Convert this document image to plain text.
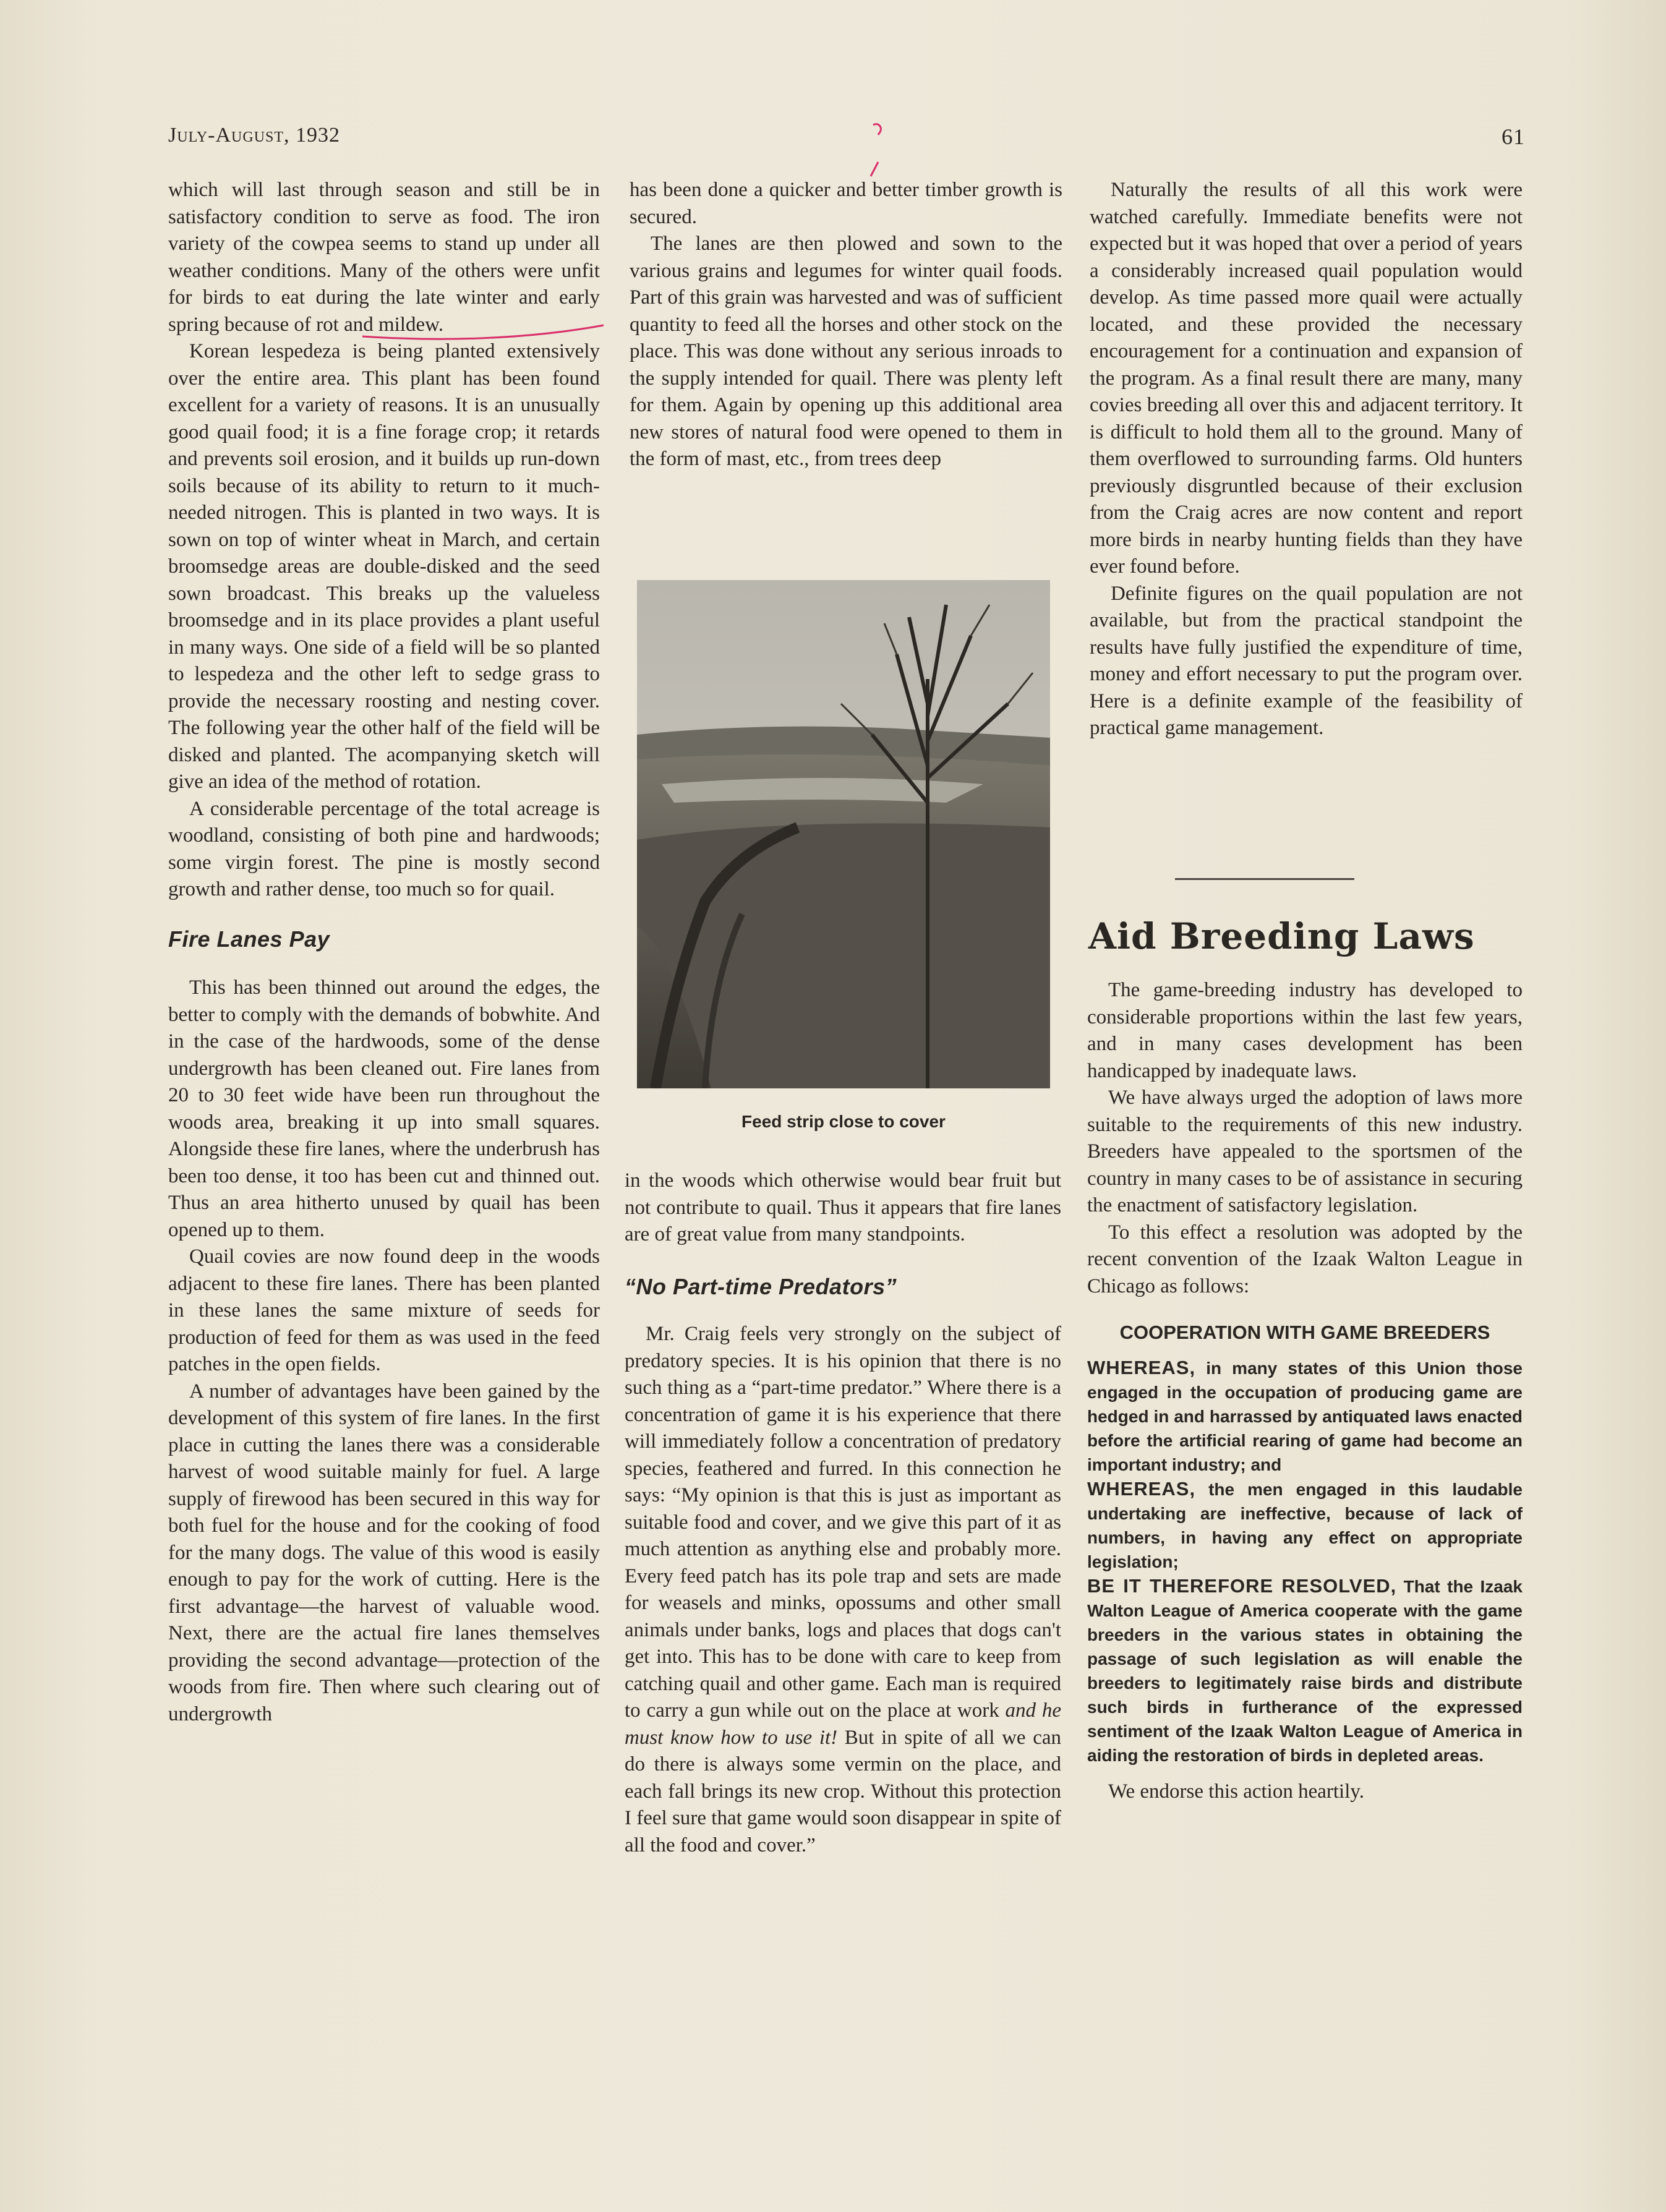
July-August, 1932	61

which will last through season and still be in satisfactory condition to serve as food. The iron variety of the cowpea seems to stand up under all weather conditions. Many of the others were unfit for birds to eat during the late winter and early spring because of rot and mildew.

Korean lespedeza is being planted extensively over the entire area. This plant has been found excellent for a variety of reasons. It is an unusually good quail food; it is a fine forage crop; it retards and prevents soil erosion, and it builds up run-down soils because of its ability to return to it much-needed nitrogen. This is planted in two ways. It is sown on top of winter wheat in March, and certain broomsedge areas are double-disked and the seed sown broadcast. This breaks up the valueless broomsedge and in its place provides a plant useful in many ways. One side of a field will be so planted to lespedeza and the other left to sedge grass to provide the necessary roosting and nesting cover. The following year the other half of the field will be disked and planted. The acompanying sketch will give an idea of the method of rotation.

A considerable percentage of the total acreage is woodland, consisting of both pine and hardwoods; some virgin forest. The pine is mostly second growth and rather dense, too much so for quail.

Fire Lanes Pay

This has been thinned out around the edges, the better to comply with the demands of bobwhite. And in the case of the hardwoods, some of the dense undergrowth has been cleaned out. Fire lanes from 20 to 30 feet wide have been run throughout the woods area, breaking it up into small squares. Alongside these fire lanes, where the underbrush has been too dense, it too has been cut and thinned out. Thus an area hitherto unused by quail has been opened up to them.

Quail covies are now found deep in the woods adjacent to these fire lanes. There has been planted in these lanes the same mixture of seeds for production of feed for them as was used in the feed patches in the open fields.

A number of advantages have been gained by the development of this system of fire lanes. In the first place in cutting the lanes there was a considerable harvest of wood suitable mainly for fuel. A large supply of firewood has been secured in this way for both fuel for the house and for the cooking of food for the many dogs. The value of this wood is easily enough to pay for the work of cutting. Here is the first advantage—the harvest of valuable wood. Next, there are the actual fire lanes themselves providing the second advantage—protection of the woods from fire. Then where such clearing out of undergrowth

has been done a quicker and better timber growth is secured.

The lanes are then plowed and sown to the various grains and legumes for winter quail foods. Part of this grain was harvested and was of sufficient quantity to feed all the horses and other stock on the place. This was done without any serious inroads to the supply intended for quail. There was plenty left for them. Again by opening up this additional area new stores of natural food were opened to them in the form of mast, etc., from trees deep

Feed strip close to cover

in the woods which otherwise would bear fruit but not contribute to quail. Thus it appears that fire lanes are of great value from many standpoints.

“No Part-time Predators”

Mr. Craig feels very strongly on the subject of predatory species. It is his opinion that there is no such thing as a “part-time predator.” Where there is a concentration of game it is his experience that there will immediately follow a concentration of predatory species, feathered and furred. In this connection he says: “My opinion is that this is just as important as suitable food and cover, and we give this part of it as much attention as anything else and probably more. Every feed patch has its pole trap and sets are made for weasels and minks, opossums and other small animals under banks, logs and places that dogs can't get into. This has to be done with care to keep from catching quail and other game. Each man is required to carry a gun while out on the place at work and he must know how to use it! But in spite of all we can do there is always some vermin on the place, and each fall brings its new crop. Without this protection I feel sure that game would soon disappear in spite of all the food and cover.”

Naturally the results of all this work were watched carefully. Immediate benefits were not expected but it was hoped that over a period of years a considerably increased quail population would develop. As time passed more quail were actually located, and these provided the necessary encouragement for a continuation and expansion of the program. As a final result there are many, many covies breeding all over this and adjacent territory. It is difficult to hold them all to the ground. Many of them overflowed to surrounding farms. Old hunters previously disgruntled because of their exclusion from the Craig acres are now content and report more birds in nearby hunting fields than they have ever found before.

Definite figures on the quail population are not available, but from the practical standpoint the results have fully justified the expenditure of time, money and effort necessary to put the program over. Here is a definite example of the feasibility of practical game management.

Aid Breeding Laws

The game-breeding industry has developed to considerable proportions within the last few years, and in many cases development has been handicapped by inadequate laws.

We have always urged the adoption of laws more suitable to the requirements of this new industry. Breeders have appealed to the sportsmen of the country in many cases to be of assistance in securing the enactment of satisfactory legislation.

To this effect a resolution was adopted by the recent convention of the Izaak Walton League in Chicago as follows:

COOPERATION WITH GAME BREEDERS

WHEREAS, in many states of this Union those engaged in the occupation of producing game are hedged in and harrassed by antiquated laws enacted before the artificial rearing of game had become an important industry; and

WHEREAS, the men engaged in this laudable undertaking are ineffective, because of lack of numbers, in having any effect on appropriate legislation;

BE IT THEREFORE RESOLVED, That the Izaak Walton League of America cooperate with the game breeders in the various states in obtaining the passage of such legislation as will enable the breeders to legitimately raise birds and distribute such birds in furtherance of the expressed sentiment of the Izaak Walton League of America in aiding the restoration of birds in depleted areas.

We endorse this action heartily.
